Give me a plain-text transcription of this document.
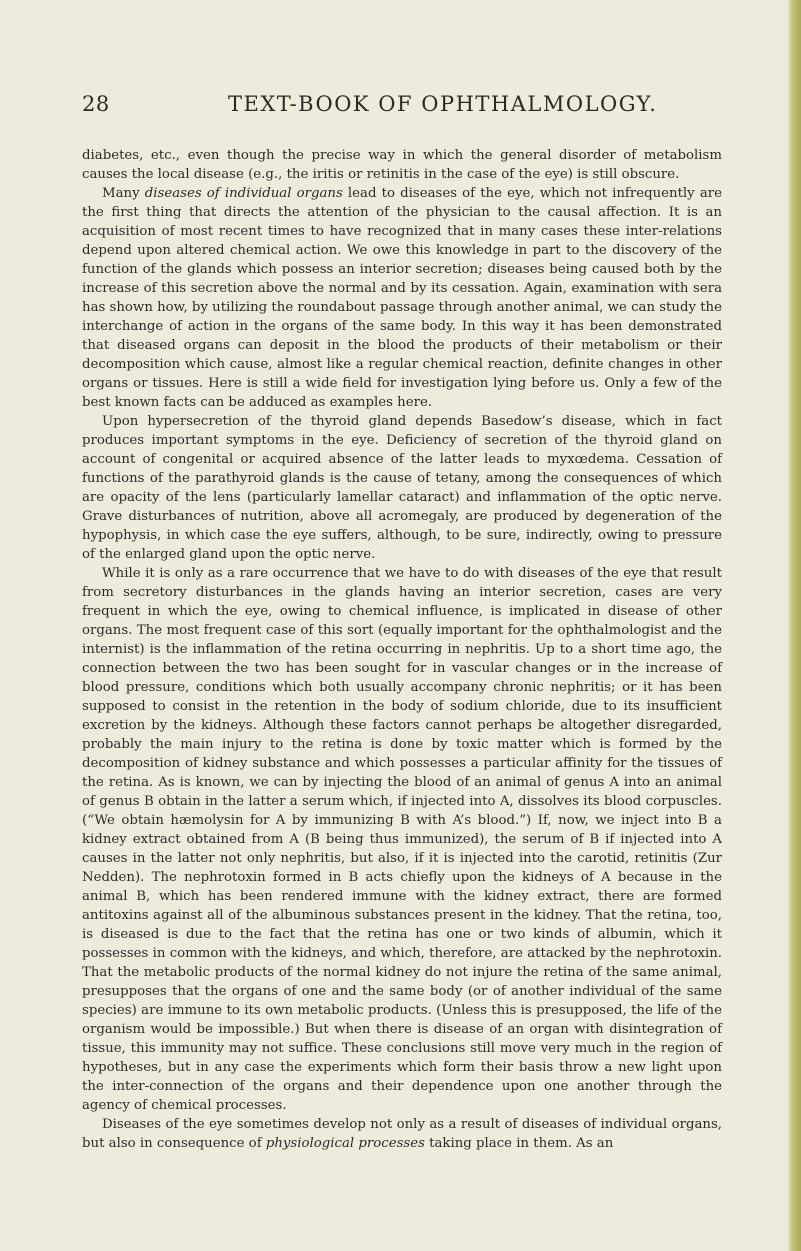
28	TEXT-BOOK OF OPHTHALMOLOGY.

diabetes, etc., even though the precise way in which the general disorder of metabolism causes the local disease (e.g., the iritis or retinitis in the case of the eye) is still obscure.

Many diseases of individual organs lead to diseases of the eye, which not infrequently are the first thing that directs the attention of the physician to the causal affection. It is an acquisition of most recent times to have recognized that in many cases these inter-relations depend upon altered chemical action. We owe this knowledge in part to the discovery of the function of the glands which possess an interior secretion; diseases being caused both by the increase of this secretion above the normal and by its cessation. Again, examination with sera has shown how, by utilizing the roundabout passage through another animal, we can study the interchange of action in the organs of the same body. In this way it has been demonstrated that diseased organs can deposit in the blood the products of their metabolism or their decomposition which cause, almost like a regular chemical reaction, definite changes in other organs or tissues. Here is still a wide field for investigation lying before us. Only a few of the best known facts can be adduced as examples here.

Upon hypersecretion of the thyroid gland depends Basedow’s disease, which in fact produces important symptoms in the eye. Deficiency of secretion of the thyroid gland on account of congenital or acquired absence of the latter leads to myxœdema. Cessation of functions of the parathyroid glands is the cause of tetany, among the consequences of which are opacity of the lens (particularly lamellar cataract) and inflammation of the optic nerve. Grave disturbances of nutrition, above all acromegaly, are produced by degeneration of the hypophysis, in which case the eye suffers, although, to be sure, indirectly, owing to pressure of the enlarged gland upon the optic nerve.

While it is only as a rare occurrence that we have to do with diseases of the eye that result from secretory disturbances in the glands having an interior secretion, cases are very frequent in which the eye, owing to chemical influence, is implicated in disease of other organs. The most frequent case of this sort (equally important for the ophthalmologist and the internist) is the inflammation of the retina occurring in nephritis. Up to a short time ago, the connection between the two has been sought for in vascular changes or in the increase of blood pressure, conditions which both usually accompany chronic nephritis; or it has been supposed to consist in the retention in the body of sodium chloride, due to its insufficient excretion by the kidneys. Although these factors cannot perhaps be altogether disregarded, probably the main injury to the retina is done by toxic matter which is formed by the decomposition of kidney substance and which possesses a particular affinity for the tissues of the retina. As is known, we can by injecting the blood of an animal of genus A into an animal of genus B obtain in the latter a serum which, if injected into A, dissolves its blood corpuscles. (“We obtain hæmolysin for A by immunizing B with A’s blood.”) If, now, we inject into B a kidney extract obtained from A (B being thus immunized), the serum of B if injected into A causes in the latter not only nephritis, but also, if it is injected into the carotid, retinitis (Zur Nedden). The nephrotoxin formed in B acts chiefly upon the kidneys of A because in the animal B, which has been rendered immune with the kidney extract, there are formed antitoxins against all of the albuminous substances present in the kidney. That the retina, too, is diseased is due to the fact that the retina has one or two kinds of albumin, which it possesses in common with the kidneys, and which, therefore, are attacked by the nephrotoxin. That the metabolic products of the normal kidney do not injure the retina of the same animal, presupposes that the organs of one and the same body (or of another individual of the same species) are immune to its own metabolic products. (Unless this is presupposed, the life of the organism would be impossible.) But when there is disease of an organ with disintegration of tissue, this immunity may not suffice. These conclusions still move very much in the region of hypotheses, but in any case the experiments which form their basis throw a new light upon the inter-connection of the organs and their dependence upon one another through the agency of chemical processes.

Diseases of the eye sometimes develop not only as a result of diseases of individual organs, but also in consequence of physiological processes taking place in them. As an
